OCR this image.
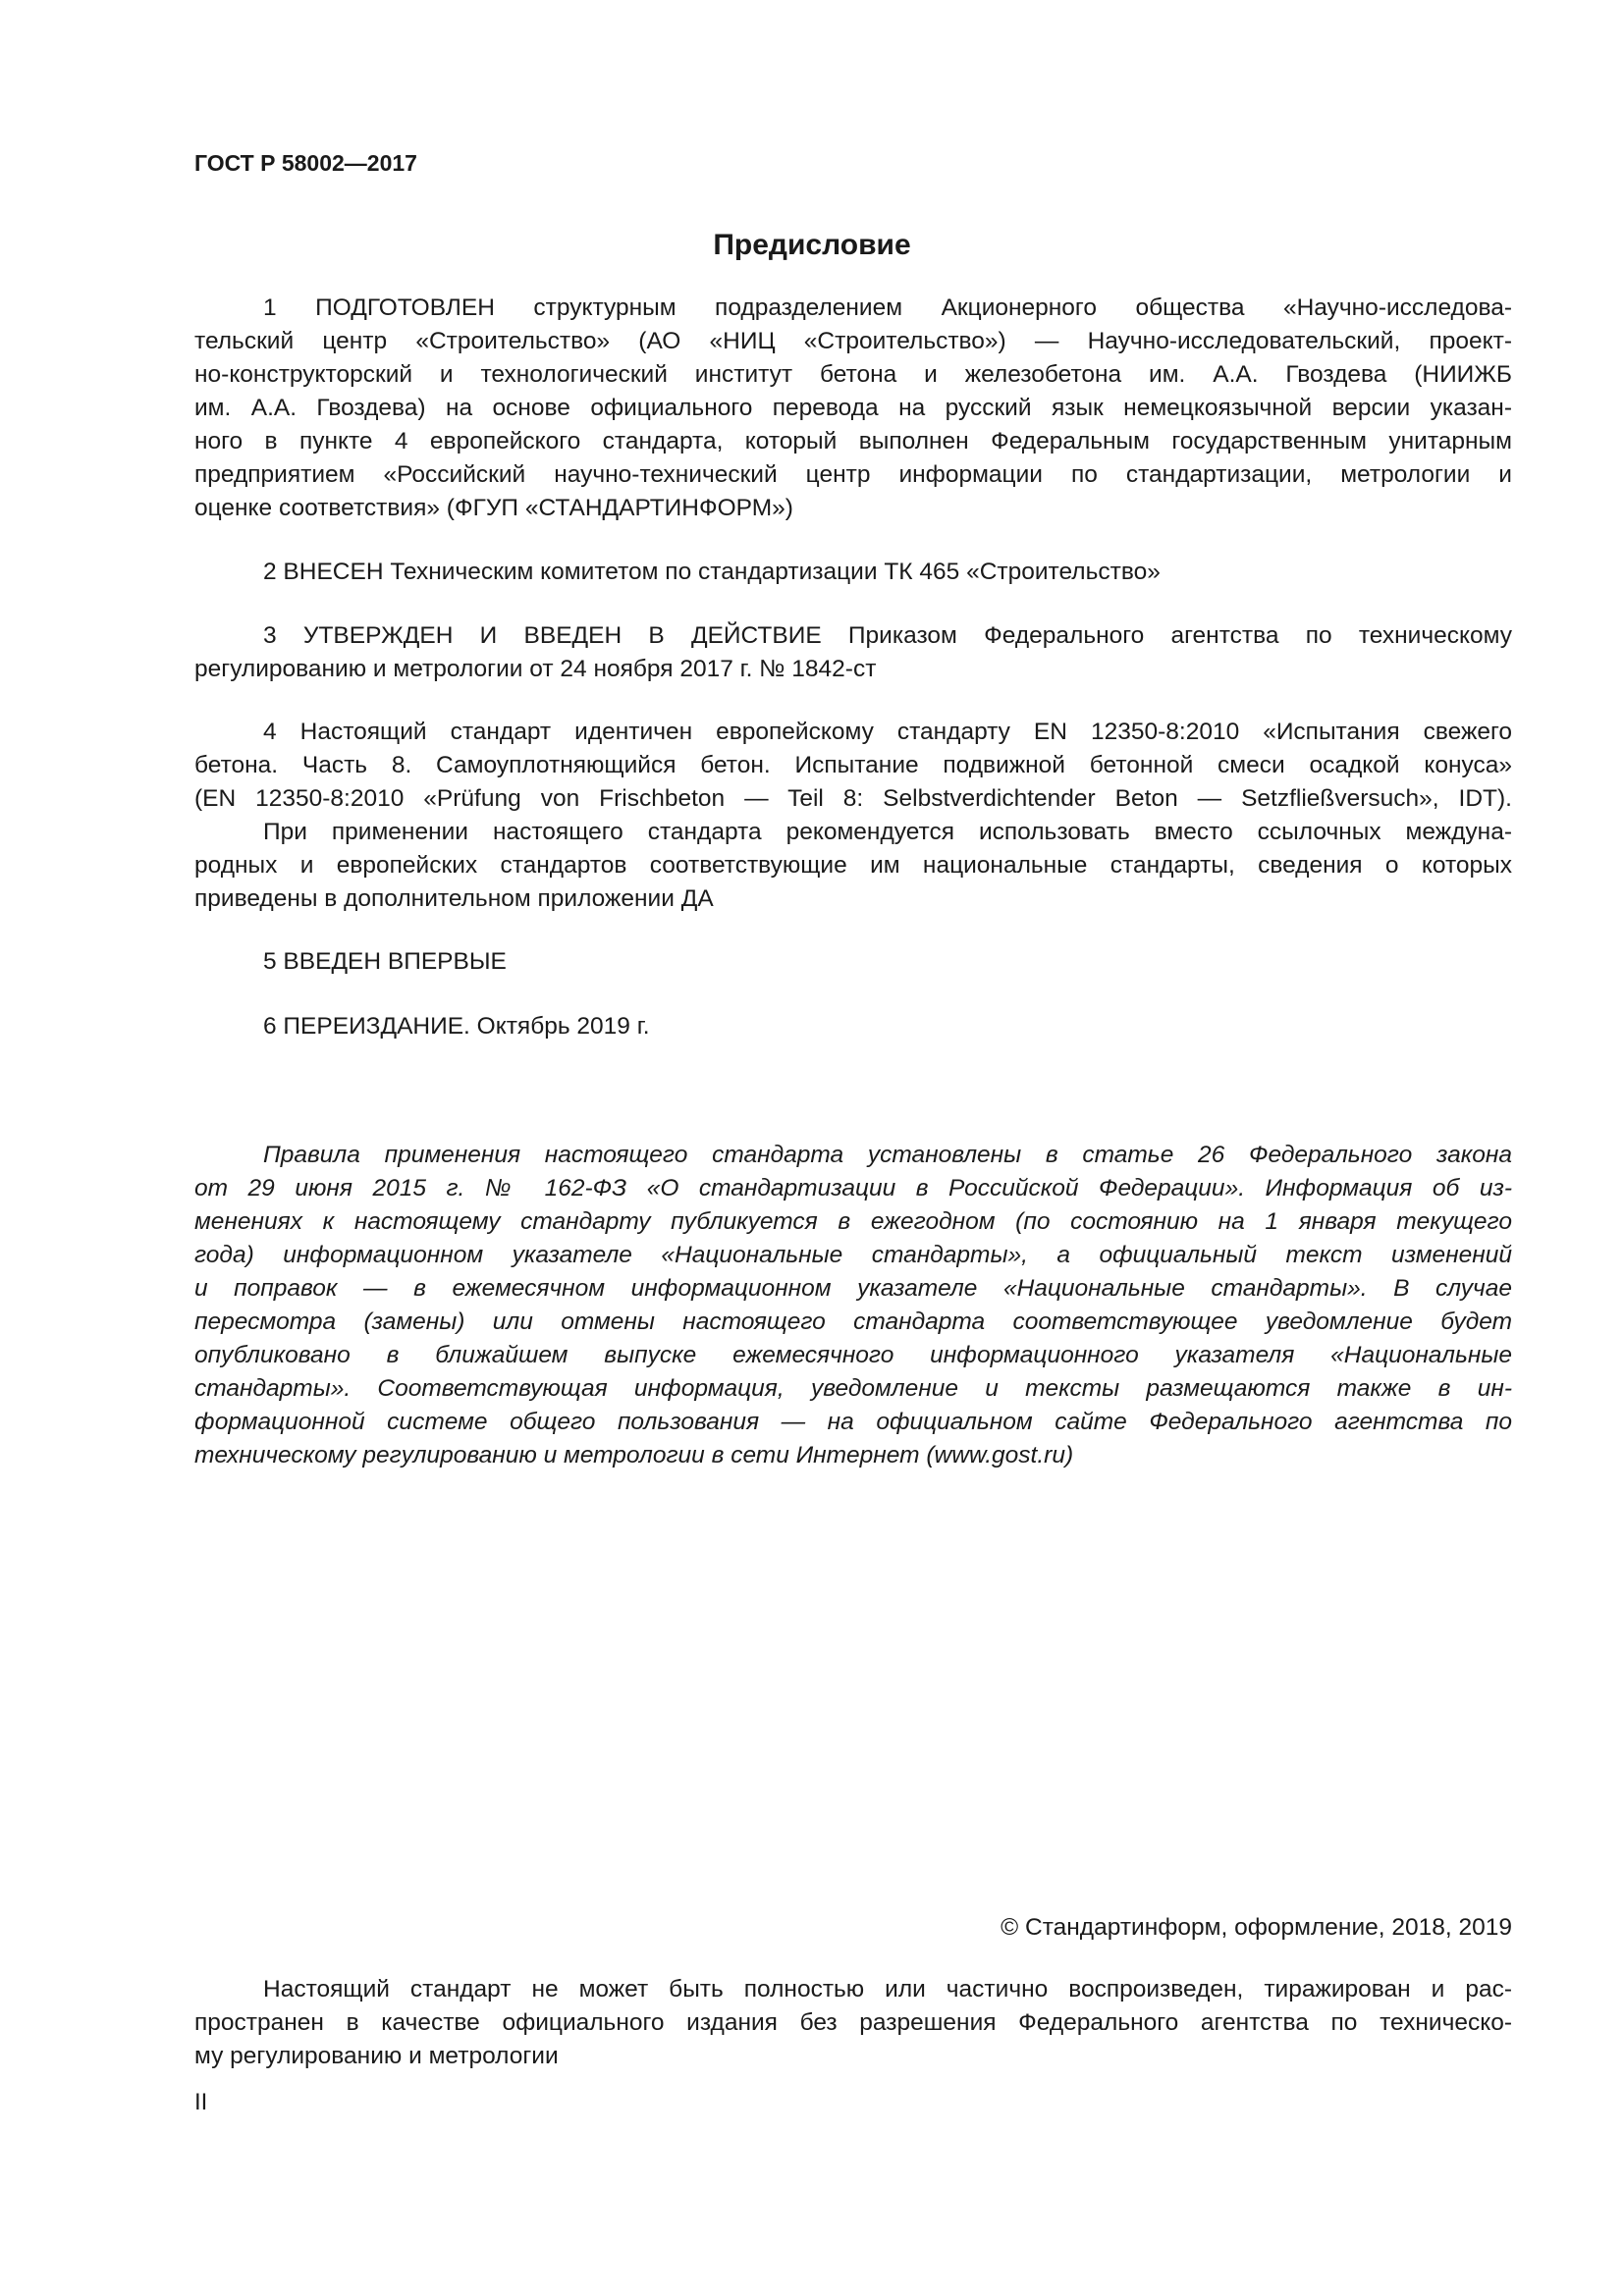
ГОСТ Р 58002—2017
Предисловие
1 ПОДГОТОВЛЕН структурным подразделением Акционерного общества «Научно-исследова-
тельский центр «Строительство» (АО «НИЦ «Строительство») — Научно-исследовательский, проект-
но-конструкторский и технологический институт бетона и железобетона им. А.А. Гвоздева (НИИЖБ
им. А.А. Гвоздева) на основе официального перевода на русский язык немецкоязычной версии указан-
ного в пункте 4 европейского стандарта, который выполнен Федеральным государственным унитарным
предприятием «Российский научно-технический центр информации по стандартизации, метрологии и
оценке соответствия» (ФГУП «СТАНДАРТИНФОРМ»)
2 ВНЕСЕН Техническим комитетом по стандартизации ТК 465 «Строительство»
3 УТВЕРЖДЕН И ВВЕДЕН В ДЕЙСТВИЕ Приказом Федерального агентства по техническому
регулированию и метрологии от 24 ноября 2017 г. № 1842-ст
4 Настоящий стандарт идентичен европейскому стандарту EN 12350-8:2010 «Испытания свежего
бетона. Часть 8. Самоуплотняющийся бетон. Испытание подвижной бетонной смеси осадкой конуса»
(EN 12350-8:2010 «Prüfung von Frischbeton — Teil 8: Selbstverdichtender Beton — Setzfließversuch», IDT).
При применении настоящего стандарта рекомендуется использовать вместо ссылочных междуна-
родных и европейских стандартов соответствующие им национальные стандарты, сведения о которых
приведены в дополнительном приложении ДА
5 ВВЕДЕН ВПЕРВЫЕ
6 ПЕРЕИЗДАНИЕ. Октябрь 2019 г.
Правила применения настоящего стандарта установлены в статье 26 Федерального закона
от 29 июня 2015 г. № 162-ФЗ «О стандартизации в Российской Федерации». Информация об из-
менениях к настоящему стандарту публикуется в ежегодном (по состоянию на 1 января текущего
года) информационном указателе «Национальные стандарты», а официальный текст изменений
и поправок — в ежемесячном информационном указателе «Национальные стандарты». В случае
пересмотра (замены) или отмены настоящего стандарта соответствующее уведомление будет
опубликовано в ближайшем выпуске ежемесячного информационного указателя «Национальные
стандарты». Соответствующая информация, уведомление и тексты размещаются также в ин-
формационной системе общего пользования — на официальном сайте Федерального агентства по
техническому регулированию и метрологии в сети Интернет (www.gost.ru)
© Стандартинформ, оформление, 2018, 2019
Настоящий стандарт не может быть полностью или частично воспроизведен, тиражирован и рас-
пространен в качестве официального издания без разрешения Федерального агентства по техническо-
му регулированию и метрологии
II
